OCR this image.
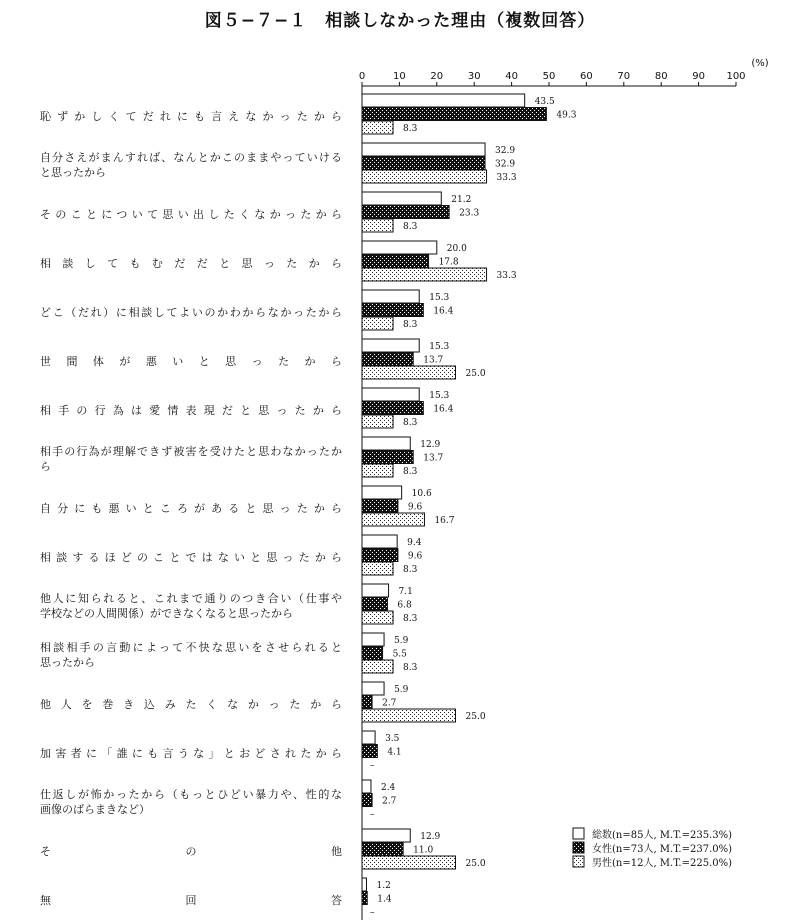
図５−７−１　相談しなかった理由（複数回答）
0	10 20 30 40 50 60 70 80 90 100
(%)
恥ずかしくてだれにも言えなかったから
自分さえがまんすれば、なんとかこのままやっていける
と思ったから
そのことについて思い出したくなかったから
相談してもむだだと思ったから
どこ（だれ）に相談してよいのかわからなかったから
世間体が悪いと思ったから
相手の行為は愛情表現だと思ったから
相手の行為が理解できず被害を受けたと思わなかったか
ら
自分にも悪いところがあると思ったから
相談するほどのことではないと思ったから
他人に知られると、これまで通りのつき合い（仕事や
学校などの人間関係）ができなくなると思ったから
相談相手の言動によって不快な思いをさせられると
思ったから
他人を巻き込みたくなかったから
加害者に「誰にも言うな」とおどされたから
仕返しが怖かったから（もっとひどい暴力や、性的な
画像のばらまきなど）
その他
無回答
43.5
32.9
21.2
20.0
15.3
15.3
15.3
12.9
10.6
9.4
7.1
5.9
5.9
3.5
2.4
12.9
1.2
49.3
32.9
23.3
17.8
16.4
13.7
16.4
13.7
9.6
9.6
6.8
5.5
2.7
4.1
2.7
11.0
1.4
8.3
33.3
8.3
33.3
8.3
25.0
8.3
8.3
16.7
8.3
8.3
8.3
25.0
–
–
25.0
–
総数(n=85人, M.T.=235.3%)
女性(n=73人, M.T.=237.0%)
男性(n=12人, M.T.=225.0%)
